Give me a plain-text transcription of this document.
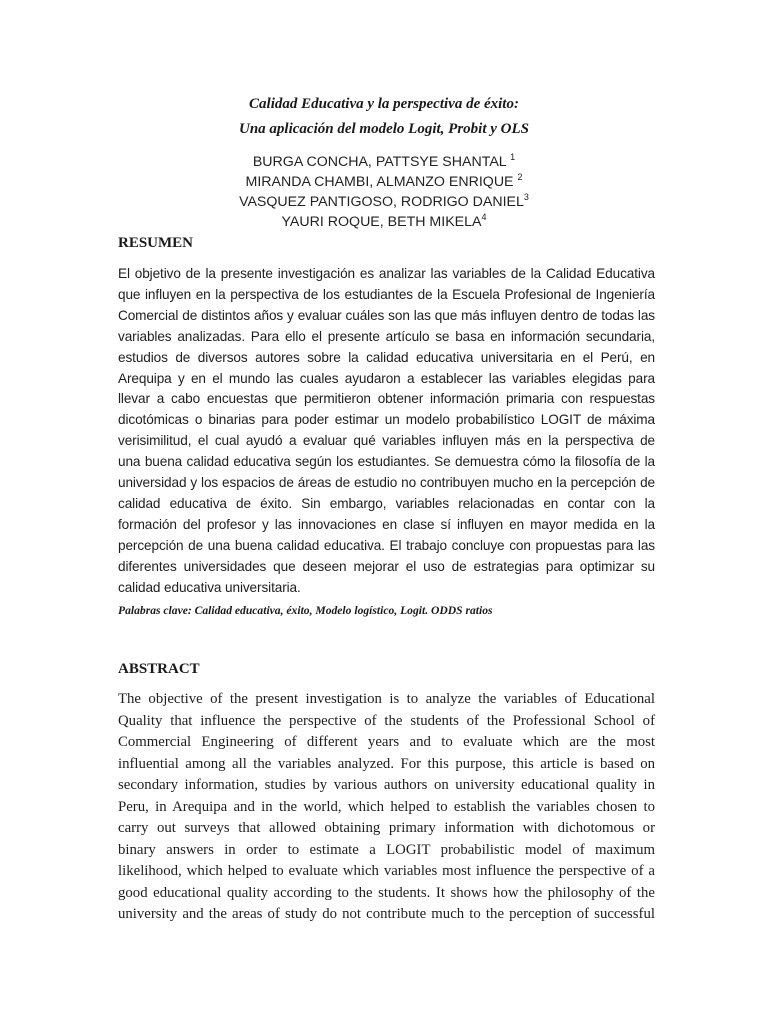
Calidad Educativa y la perspectiva de éxito:
Una aplicación del modelo Logit, Probit y OLS
BURGA CONCHA, PATTSYE SHANTAL $^1$
MIRANDA CHAMBI, ALMANZO ENRIQUE $^2$
VASQUEZ PANTIGOSO, RODRIGO DANIEL$^3$
YAURI ROQUE, BETH MIKELA$^4$
RESUMEN
El objetivo de la presente investigación es analizar las variables de la Calidad Educativa
que influyen en la perspectiva de los estudiantes de la Escuela Profesional de Ingeniería
Comercial de distintos años y evaluar cuáles son las que más influyen dentro de todas las
variables analizadas. Para ello el presente artículo se basa en información secundaria,
estudios de diversos autores sobre la calidad educativa universitaria en el Perú, en
Arequipa y en el mundo las cuales ayudaron a establecer las variables elegidas para
llevar a cabo encuestas que permitieron obtener información primaria con respuestas
dicotómicas o binarias para poder estimar un modelo probabilístico LOGIT de máxima
verisimilitud, el cual ayudó a evaluar qué variables influyen más en la perspectiva de
una buena calidad educativa según los estudiantes. Se demuestra cómo la filosofía de la
universidad y los espacios de áreas de estudio no contribuyen mucho en la percepción de
calidad educativa de éxito. Sin embargo, variables relacionadas en contar con la
formación del profesor y las innovaciones en clase sí influyen en mayor medida en la
percepción de una buena calidad educativa. El trabajo concluye con propuestas para las
diferentes universidades que deseen mejorar el uso de estrategias para optimizar su
calidad educativa universitaria.
Palabras clave: Calidad educativa, éxito, Modelo logístico, Logit. ODDS ratios
ABSTRACT
The objective of the present investigation is to analyze the variables of Educational
Quality that influence the perspective of the students of the Professional School of
Commercial Engineering of different years and to evaluate which are the most
influential among all the variables analyzed. For this purpose, this article is based on
secondary information, studies by various authors on university educational quality in
Peru, in Arequipa and in the world, which helped to establish the variables chosen to
carry out surveys that allowed obtaining primary information with dichotomous or
binary answers in order to estimate a LOGIT probabilistic model of maximum
likelihood, which helped to evaluate which variables most influence the perspective of a
good educational quality according to the students. It shows how the philosophy of the
university and the areas of study do not contribute much to the perception of successful
